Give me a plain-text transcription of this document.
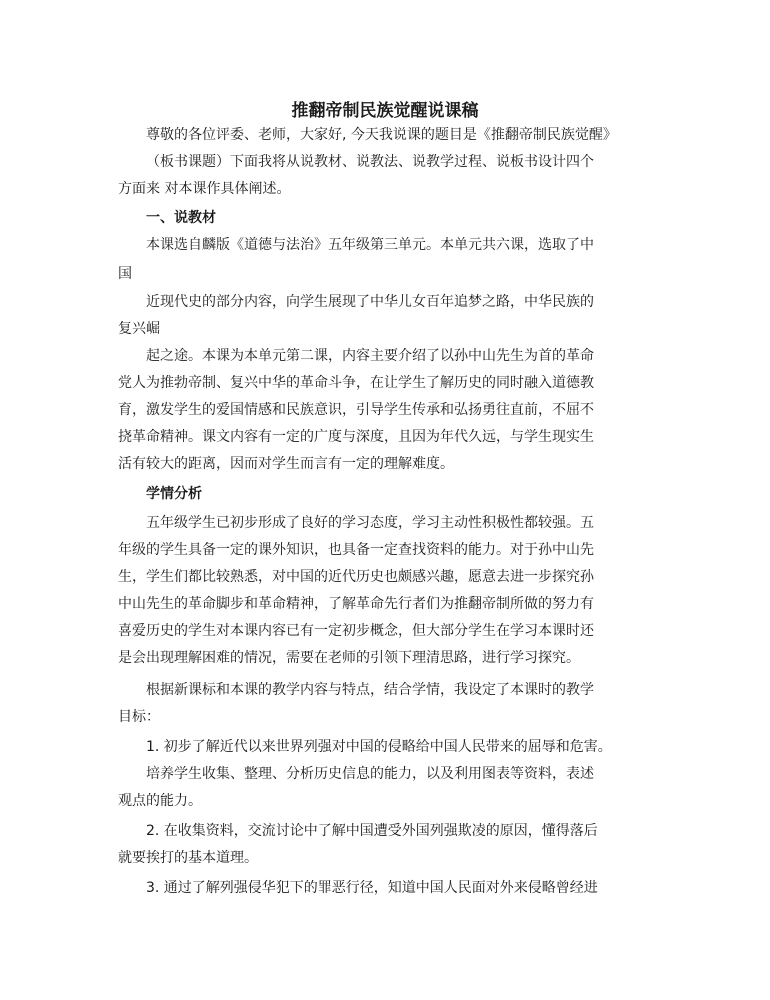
推翻帝制民族觉醒说课稿
尊敬的各位评委、老师，大家好, 今天我说课的题目是《推翻帝制民族觉醒》
（板书课题）下面我将从说教材、说教法、说教学过程、说板书设计四个
方面来 对本课作具体阐述。
一、说教材
本课选自麟版《道德与法治》五年级第三单元。本单元共六课，选取了中
国
近现代史的部分内容，向学生展现了中华儿女百年追梦之路，中华民族的
复兴崛
起之途。本课为本单元第二课，内容主要介绍了以孙中山先生为首的革命
党人为推勃帝制、复兴中华的革命斗争，在让学生了解历史的同时融入道德教
育，激发学生的爱国情感和民族意识，引导学生传承和弘扬勇往直前，不屈不
挠革命精神。课文内容有一定的广度与深度，且因为年代久远，与学生现实生
活有较大的距离，因而对学生而言有一定的理解难度。
学情分析
五年级学生已初步形成了良好的学习态度，学习主动性积极性都较强。五
年级的学生具备一定的课外知识，也具备一定查找资料的能力。对于孙中山先
生，学生们都比较熟悉，对中国的近代历史也颇感兴趣，愿意去进一步探究孙
中山先生的革命脚步和革命精神，了解革命先行者们为推翻帝制所做的努力有
喜爱历史的学生对本课内容已有一定初步概念，但大部分学生在学习本课时还
是会出现理解困难的情况，需要在老师的引领下理清思路，进行学习探究。
根据新课标和本课的教学内容与特点，结合学情，我设定了本课时的教学
目标：
1. 初步了解近代以来世界列强对中国的侵略给中国人民带来的屈辱和危害。
培养学生收集、整理、分析历史信息的能力，以及利用图表等资料，表述
观点的能力。
2. 在收集资料，交流讨论中了解中国遭受外国列强欺凌的原因，懂得落后
就要挨打的基本道理。
3. 通过了解列强侵华犯下的罪恶行径，知道中国人民面对外来侵略曾经进
